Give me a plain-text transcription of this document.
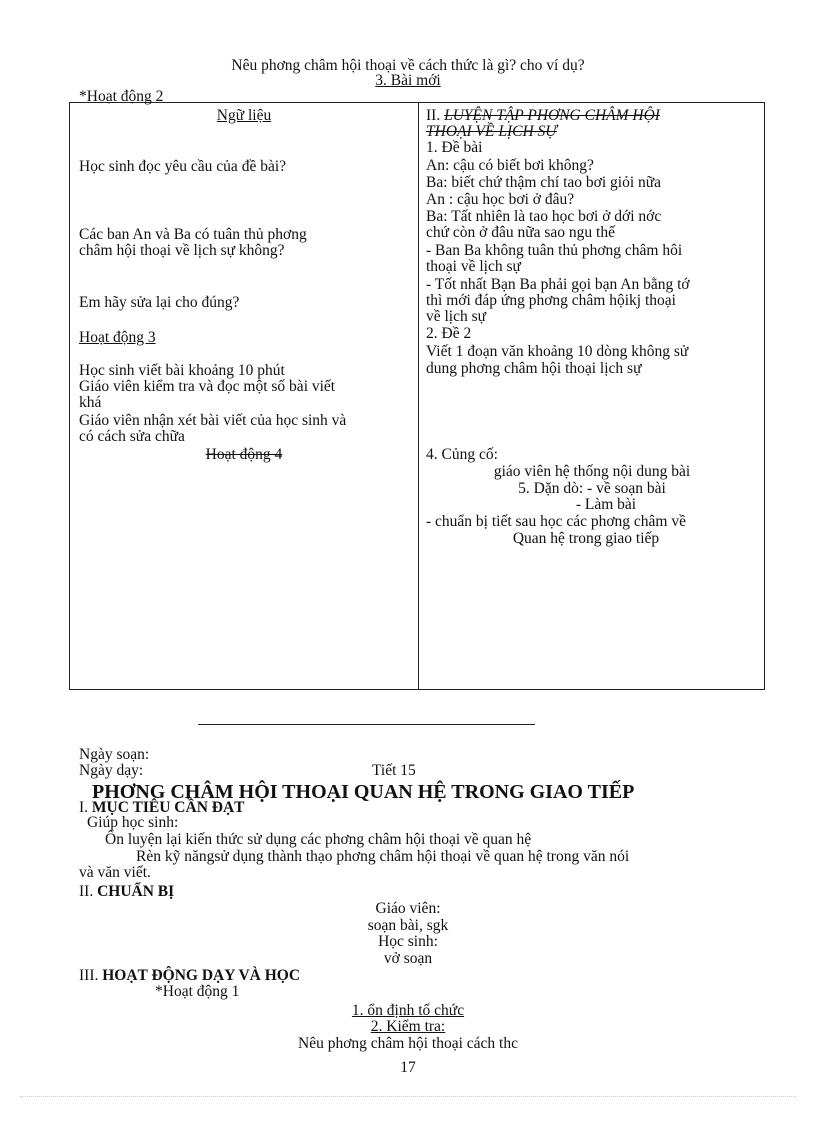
Nêu phơng châm hội thoại về cách thức là gì? cho ví dụ?
3. Bài mới
*Hoạt động 2
Ngữ liệu
Học sinh đọc yêu cầu của đề bài?
Các ban An và Ba có tuân thủ phơng
châm hội thoại về lịch sự không?
Em hãy sửa lại cho đúng?
Hoạt động 3
Học sinh viết bài khoảng 10 phút
Giáo viên kiểm tra và đọc một số bài viết
khá
Giáo viên nhận xét bài viết của học sinh và
có cách sửa chữa
Hoạt động 4
II. LUYỆN TẬP PHƠNG CHÂM HỘI
THOẠI VỀ LỊCH SỰ
1. Đề bài
An: cậu có biết bơi không?
Ba: biết chứ thậm chí tao bơi giỏi nữa
An : cậu học bơi ở đâu?
Ba: Tất nhiên là tao học bơi ở dới nớc
chứ còn ở đâu nữa sao ngu thế
- Ban Ba không tuân thủ phơng châm hôi
thoại về lịch sự
- Tốt nhất Bạn Ba phải gọi bạn An bằng tớ
thì mới đáp ứng phơng châm hộikj thoại
về lịch sự
2. Đề 2
Viết 1 đoạn văn khoảng 10 dòng không sử
dung phơng châm hội thoại lịch sự
4. Củng cố:
giáo viên hệ thống nội dung bài
5. Dặn dò: - về soạn bài
- Làm bài
- chuẩn bị tiết sau học các phơng châm về
Quan hệ trong giao tiếp
Ngày soạn:
Ngày dạy:	Tiết 15
PHƠNG CHÂM HỘI THOẠI QUAN HỆ TRONG GIAO TIẾP
I. MỤC TIÊU CẦN ĐẠT
Giúp học sinh:
Ôn luyện lại kiến thức sử dụng các phơng châm hội thoại về quan hệ
Rèn kỹ năngsử dụng thành thạo phơng châm hội thoại về quan hệ trong văn nói
và văn viết.
II. CHUẨN BỊ
Giáo viên:
soạn bài, sgk
Học sinh:
vở soạn
III. HOẠT ĐỘNG DẠY VÀ HỌC
*Hoạt động 1
1. ổn định tổ chức
2. Kiểm tra:
Nêu phơng châm hội thoại cách thc
17
